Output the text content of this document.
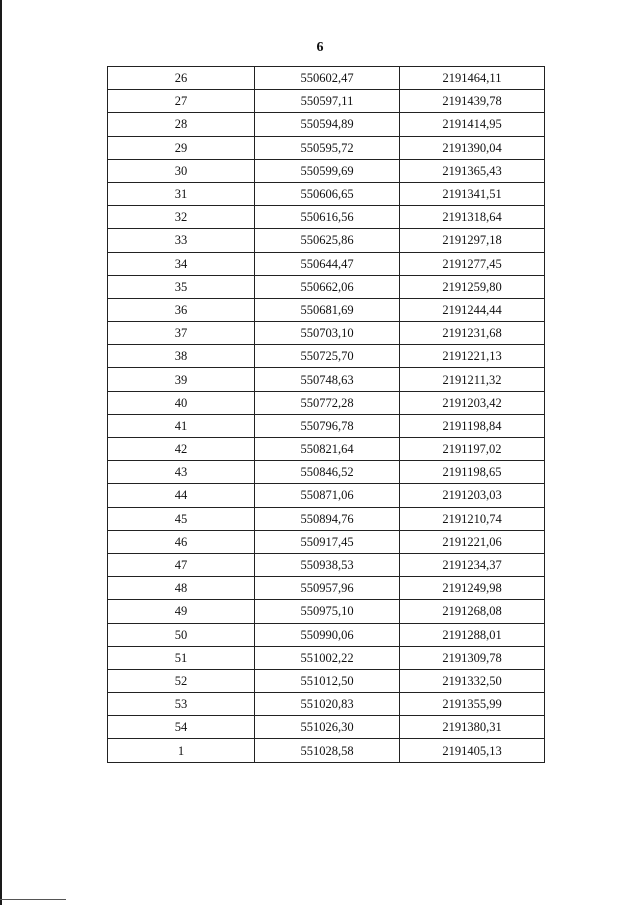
6
26	550602,47	2191464,11
27	550597,11	2191439,78
28	550594,89	2191414,95
29	550595,72	2191390,04
30	550599,69	2191365,43
31	550606,65	2191341,51
32	550616,56	2191318,64
33	550625,86	2191297,18
34	550644,47	2191277,45
35	550662,06	2191259,80
36	550681,69	2191244,44
37	550703,10	2191231,68
38	550725,70	2191221,13
39	550748,63	2191211,32
40	550772,28	2191203,42
41	550796,78	2191198,84
42	550821,64	2191197,02
43	550846,52	2191198,65
44	550871,06	2191203,03
45	550894,76	2191210,74
46	550917,45	2191221,06
47	550938,53	2191234,37
48	550957,96	2191249,98
49	550975,10	2191268,08
50	550990,06	2191288,01
51	551002,22	2191309,78
52	551012,50	2191332,50
53	551020,83	2191355,99
54	551026,30	2191380,31
1	551028,58	2191405,13
